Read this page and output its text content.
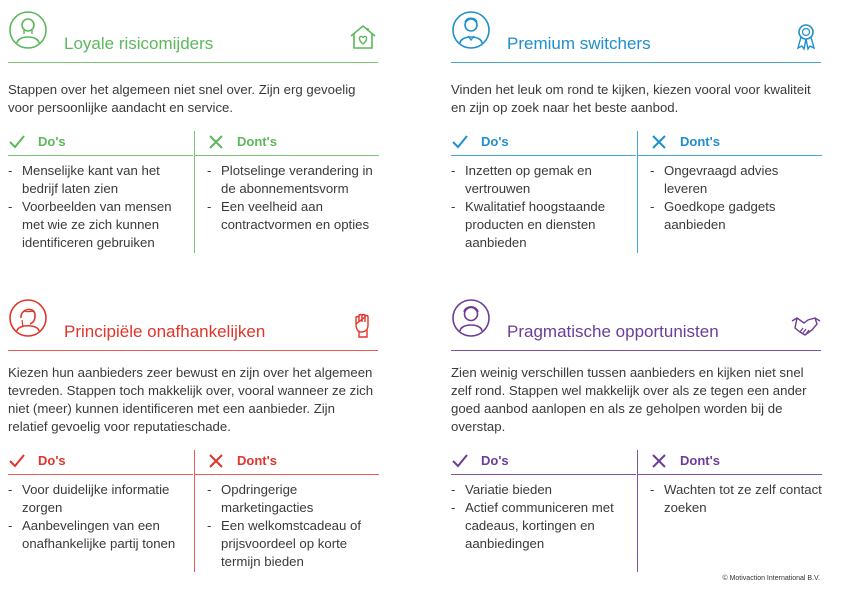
Loyale risicomijders
Stappen over het algemeen niet snel over. Zijn erg gevoelig voor persoonlijke aandacht en service.
Do's
- Menselijke kant van het bedrijf laten zien
- Voorbeelden van mensen met wie ze zich kunnen identificeren gebruiken
Dont's
- Plotselinge verandering in de abonnementsvorm
- Een veelheid aan contractvormen en opties
Premium switchers
Vinden het leuk om rond te kijken, kiezen vooral voor kwaliteit en zijn op zoek naar het beste aanbod.
Do's
- Inzetten op gemak en vertrouwen
- Kwalitatief hoogstaande producten en diensten aanbieden
Dont's
- Ongevraagd advies leveren
- Goedkope gadgets aanbieden
Principiële onafhankelijken
Kiezen hun aanbieders zeer bewust en zijn over het algemeen tevreden. Stappen toch makkelijk over, vooral wanneer ze zich niet (meer) kunnen identificeren met een aanbieder. Zijn relatief gevoelig voor reputatieschade.
Do's
- Voor duidelijke informatie zorgen
- Aanbevelingen van een onafhankelijke partij tonen
Dont's
- Opdringerige marketingacties
- Een welkomstcadeau of prijsvoordeel op korte termijn bieden
Pragmatische opportunisten
Zien weinig verschillen tussen aanbieders en kijken niet snel zelf rond. Stappen wel makkelijk over als ze tegen een ander goed aanbod aanlopen en als ze geholpen worden bij de overstap.
Do's
- Variatie bieden
- Actief communiceren met cadeaus, kortingen en aanbiedingen
Dont's
- Wachten tot ze zelf contact zoeken
© Motivaction International B.V.
